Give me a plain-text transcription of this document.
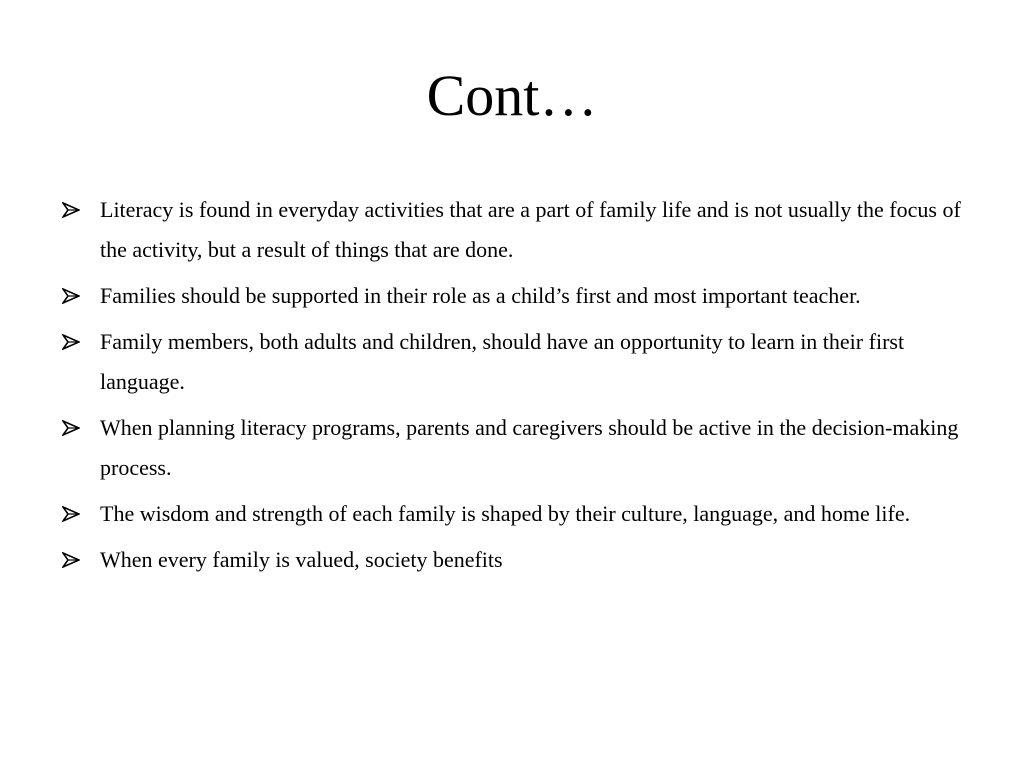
Cont…
Literacy is found in everyday activities that are a part of family life and is not usually the focus of the activity, but a result of things that are done.
Families should be supported in their role as a child’s first and most important teacher.
Family members, both adults and children, should have an opportunity to learn in their first language.
When planning literacy programs, parents and caregivers should be active in the decision-making process.
The wisdom and strength of each family is shaped by their culture, language, and home life.
When every family is valued, society benefits
